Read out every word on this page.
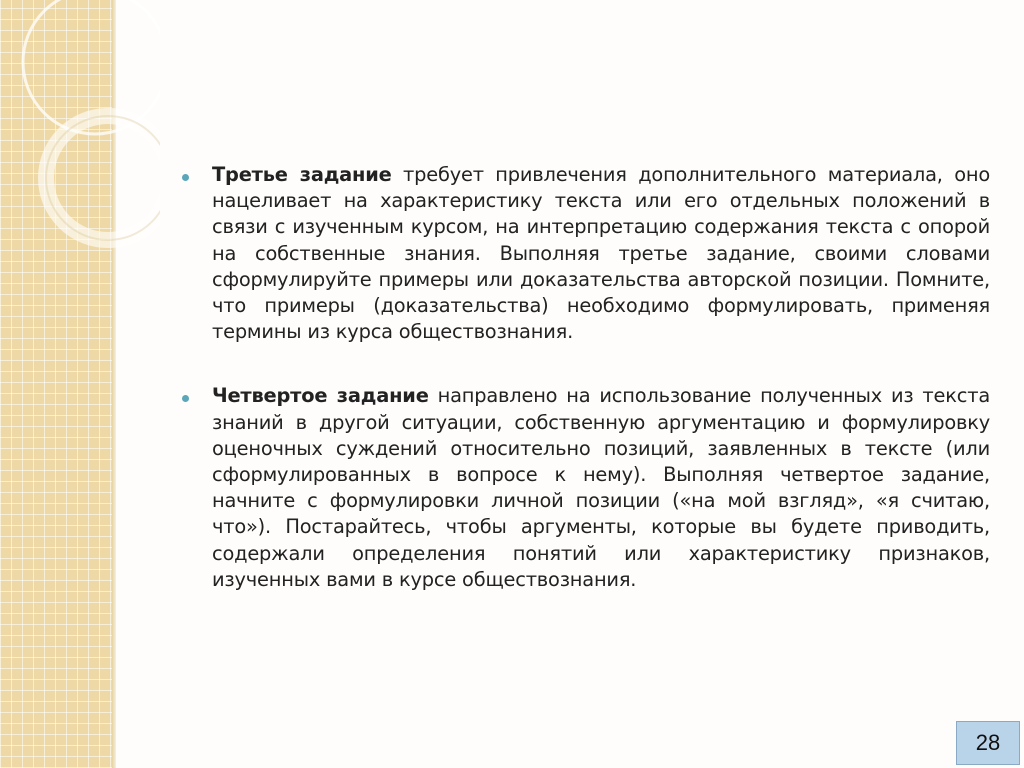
Третье задание требует привлечения дополнительного материала, оно нацеливает на характеристику текста или его отдельных положений в связи с изученным курсом, на интерпретацию содержания текста с опорой на собственные знания. Выполняя третье задание, своими словами сформулируйте примеры или доказательства авторской позиции. Помните, что примеры (доказательства) необходимо формулировать, применяя термины из курса обществознания.
Четвертое задание направлено на использование полученных из текста знаний в другой ситуации, собственную аргументацию и формулировку оценочных суждений относительно позиций, заявленных в тексте (или сформулированных в вопросе к нему). Выполняя четвертое задание, начните с формулировки личной позиции («на мой взгляд», «я считаю, что»). Постарайтесь, чтобы аргументы, которые вы будете приводить, содержали определения понятий или характеристику признаков, изученных вами в курсе обществознания.
28
